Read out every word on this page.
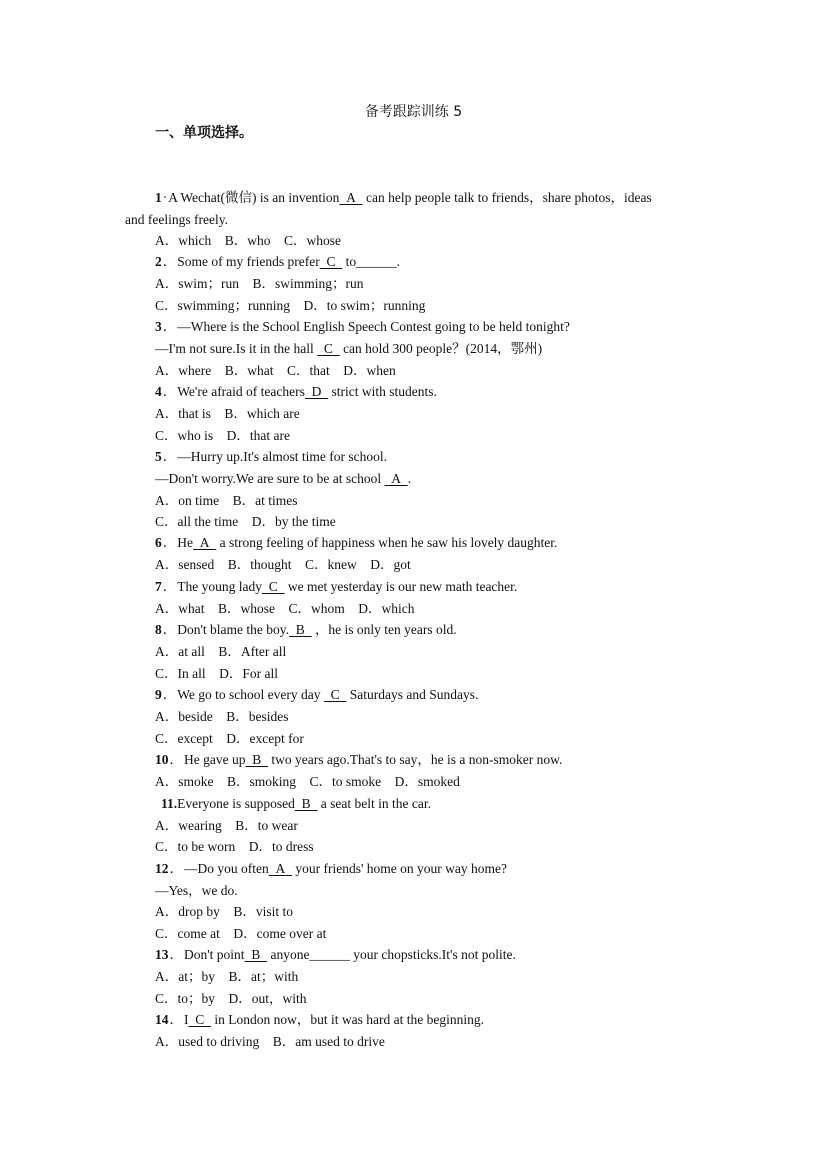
备考跟踪训练 5
一、单项选择。
1·A Wechat(微信) is an invention  A   can help people talk to friends，share photos，ideas
and feelings freely.
A．which　B．who　C．whose
2．Some of my friends prefer  C   to______.
A．swim；run　B．swimming；run
C．swimming；running　D．to swim；running
3．—Where is the School English Speech Contest going to be held tonight?
—I'm not sure.Is it in the hall   C   can hold 300 people？(2014，鄂州)
A．where　B．what　C．that　D．when
4．We're afraid of teachers  D   strict with students.
A．that is　B．which are
C．who is　D．that are
5．—Hurry up.It's almost time for school.
—Don't worry.We are sure to be at school   A  .
A．on time　B．at times
C．all the time　D．by the time
6．He  A   a strong feeling of happiness when he saw his lovely daughter.
A．sensed　B．thought　C．knew　D．got
7．The young lady  C   we met yesterday is our new math teacher.
A．what　B．whose　C．whom　D．which
8．Don't blame the boy.  B   ，he is only ten years old.
A．at all　B．After all
C．In all　D．For all
9．We go to school every day   C   Saturdays and Sundays.
A．beside　B．besides
C．except　D．except for
10．He gave up  B   two years ago.That's to say，he is a non-smoker now.
A．smoke　B．smoking　C．to smoke　D．smoked
11.Everyone is supposed  B   a seat belt in the car.
A．wearing　B．to wear
C．to be worn　D．to dress
12．—Do you often  A   your friends' home on your way home?
—Yes，we do.
A．drop by　B．visit to
C．come at　D．come over at
13．Don't point  B   anyone______ your chopsticks.It's not polite.
A．at；by　B．at；with
C．to；by　D．out，with
14．I  C   in London now，but it was hard at the beginning.
A．used to driving　B．am used to drive
